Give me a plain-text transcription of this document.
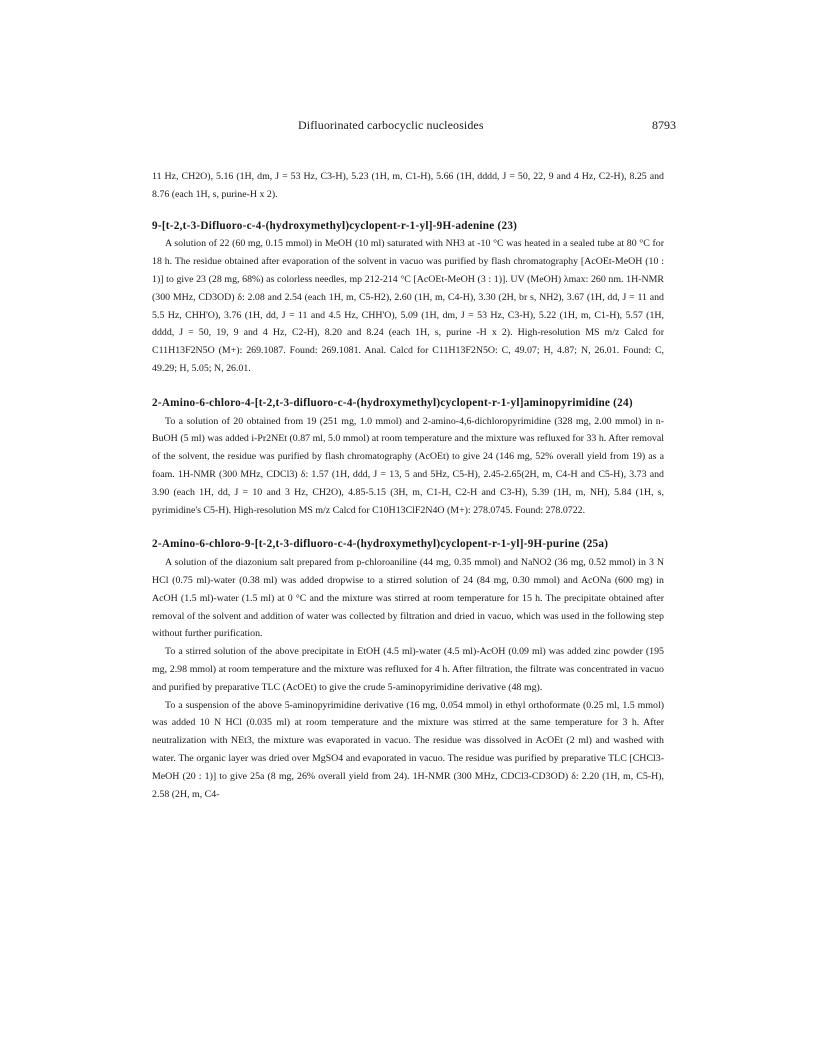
Difluorinated carbocyclic nucleosides	8793

11 Hz, CH2O), 5.16 (1H, dm, J = 53 Hz, C3-H), 5.23 (1H, m, C1-H), 5.66 (1H, dddd, J = 50, 22, 9 and 4 Hz, C2-H), 8.25 and 8.76 (each 1H, s, purine-H x 2).

9-[t-2,t-3-Difluoro-c-4-(hydroxymethyl)cyclopent-r-1-yl]-9H-adenine (23)

A solution of 22 (60 mg, 0.15 mmol) in MeOH (10 ml) saturated with NH3 at -10 °C was heated in a sealed tube at 80 °C for 18 h. The residue obtained after evaporation of the solvent in vacuo was purified by flash chromatography [AcOEt-MeOH (10 : 1)] to give 23 (28 mg, 68%) as colorless needles, mp 212-214 °C [AcOEt-MeOH (3 : 1)]. UV (MeOH) λmax: 260 nm. 1H-NMR (300 MHz, CD3OD) δ: 2.08 and 2.54 (each 1H, m, C5-H2), 2.60 (1H, m, C4-H), 3.30 (2H, br s, NH2), 3.67 (1H, dd, J = 11 and 5.5 Hz, CHH'O), 3.76 (1H, dd, J = 11 and 4.5 Hz, CHH'O), 5.09 (1H, dm, J = 53 Hz, C3-H), 5.22 (1H, m, C1-H), 5.57 (1H, dddd, J = 50, 19, 9 and 4 Hz, C2-H), 8.20 and 8.24 (each 1H, s, purine -H x 2). High-resolution MS m/z Calcd for C11H13F2N5O (M+): 269.1087. Found: 269.1081. Anal. Calcd for C11H13F2N5O: C, 49.07; H, 4.87; N, 26.01. Found: C, 49.29; H, 5.05; N, 26.01.

2-Amino-6-chloro-4-[t-2,t-3-difluoro-c-4-(hydroxymethyl)cyclopent-r-1-yl]aminopyrimidine (24)

To a solution of 20 obtained from 19 (251 mg, 1.0 mmol) and 2-amino-4,6-dichloropyrimidine (328 mg, 2.00 mmol) in n-BuOH (5 ml) was added i-Pr2NEt (0.87 ml, 5.0 mmol) at room temperature and the mixture was refluxed for 33 h. After removal of the solvent, the residue was purified by flash chromatography (AcOEt) to give 24 (146 mg, 52% overall yield from 19) as a foam. 1H-NMR (300 MHz, CDCl3) δ: 1.57 (1H, ddd, J = 13, 5 and 5Hz, C5-H), 2.45-2.65(2H, m, C4-H and C5-H), 3.73 and 3.90 (each 1H, dd, J = 10 and 3 Hz, CH2O), 4.85-5.15 (3H, m, C1-H, C2-H and C3-H), 5.39 (1H, m, NH), 5.84 (1H, s, pyrimidine's C5-H). High-resolution MS m/z Calcd for C10H13ClF2N4O (M+): 278.0745. Found: 278.0722.

2-Amino-6-chloro-9-[t-2,t-3-difluoro-c-4-(hydroxymethyl)cyclopent-r-1-yl]-9H-purine (25a)

A solution of the diazonium salt prepared from p-chloroaniline (44 mg, 0.35 mmol) and NaNO2 (36 mg, 0.52 mmol) in 3 N HCl (0.75 ml)-water (0.38 ml) was added dropwise to a stirred solution of 24 (84 mg, 0.30 mmol) and AcONa (600 mg) in AcOH (1.5 ml)-water (1.5 ml) at 0 °C and the mixture was stirred at room temperature for 15 h. The precipitate obtained after removal of the solvent and addition of water was collected by filtration and dried in vacuo, which was used in the following step without further purification.

To a stirred solution of the above precipitate in EtOH (4.5 ml)-water (4.5 ml)-AcOH (0.09 ml) was added zinc powder (195 mg, 2.98 mmol) at room temperature and the mixture was refluxed for 4 h. After filtration, the filtrate was concentrated in vacuo and purified by preparative TLC (AcOEt) to give the crude 5-aminopyrimidine derivative (48 mg).

To a suspension of the above 5-aminopyrimidine derivative (16 mg, 0.054 mmol) in ethyl orthoformate (0.25 ml, 1.5 mmol) was added 10 N HCl (0.035 ml) at room temperature and the mixture was stirred at the same temperature for 3 h. After neutralization with NEt3, the mixture was evaporated in vacuo. The residue was dissolved in AcOEt (2 ml) and washed with water. The organic layer was dried over MgSO4 and evaporated in vacuo. The residue was purified by preparative TLC [CHCl3-MeOH (20 : 1)] to give 25a (8 mg, 26% overall yield from 24). 1H-NMR (300 MHz, CDCl3-CD3OD) δ: 2.20 (1H, m, C5-H), 2.58 (2H, m, C4-
